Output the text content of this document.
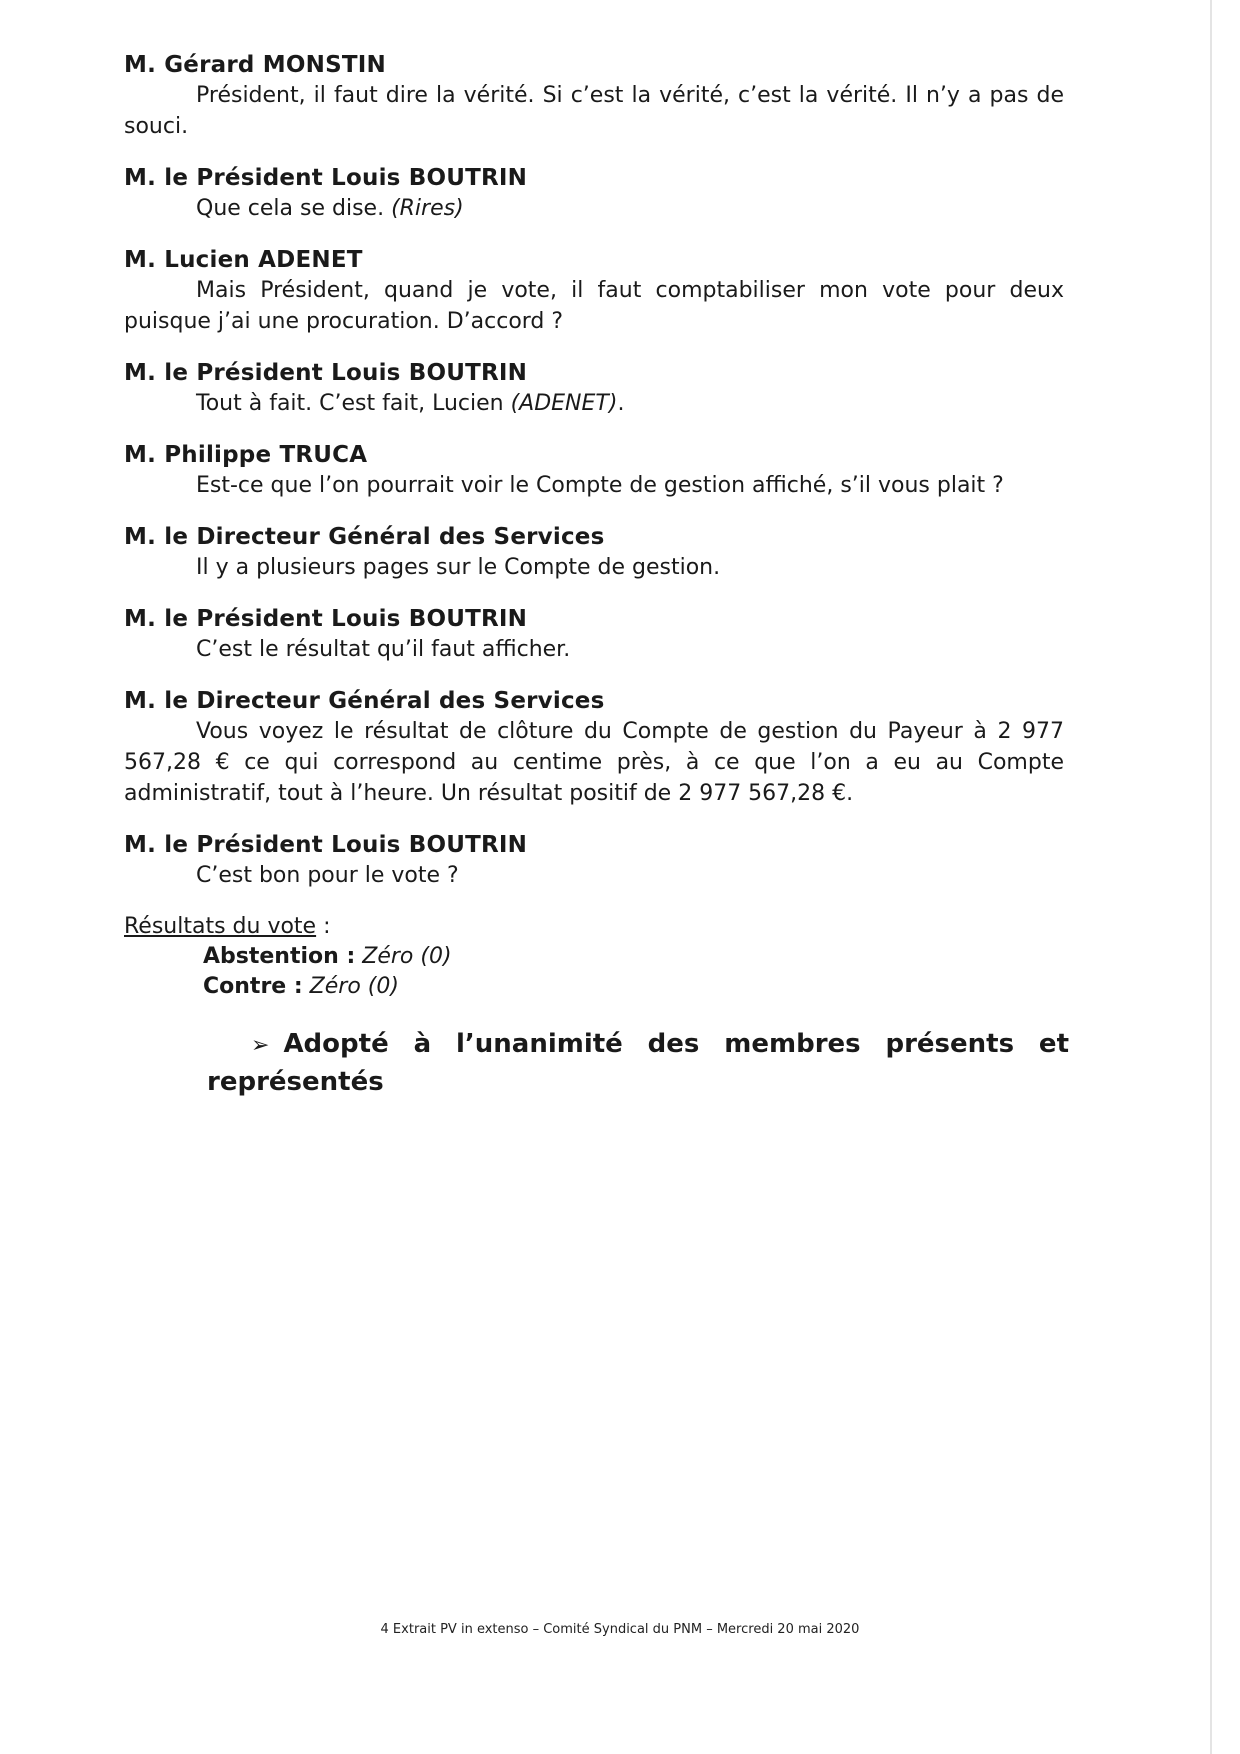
M. Gérard MONSTIN
Président, il faut dire la vérité. Si c’est la vérité, c’est la vérité. Il n’y a pas de souci.
M. le Président Louis BOUTRIN
Que cela se dise. (Rires)
M. Lucien ADENET
Mais Président, quand je vote, il faut comptabiliser mon vote pour deux puisque j’ai une procuration. D’accord ?
M. le Président Louis BOUTRIN
Tout à fait. C’est fait, Lucien (ADENET).
M. Philippe TRUCA
Est-ce que l’on pourrait voir le Compte de gestion affiché, s’il vous plait ?
M. le Directeur Général des Services
Il y a plusieurs pages sur le Compte de gestion.
M. le Président Louis BOUTRIN
C’est le résultat qu’il faut afficher.
M. le Directeur Général des Services
Vous voyez le résultat de clôture du Compte de gestion du Payeur à 2 977 567,28 € ce qui correspond au centime près, à ce que l’on a eu au Compte administratif, tout à l’heure. Un résultat positif de 2 977 567,28 €.
M. le Président Louis BOUTRIN
C’est bon pour le vote ?
Résultats du vote :
Abstention : Zéro (0)
Contre : Zéro (0)
➢ Adopté à l’unanimité des membres présents et représentés
4 Extrait PV in extenso – Comité Syndical du PNM – Mercredi 20 mai 2020
